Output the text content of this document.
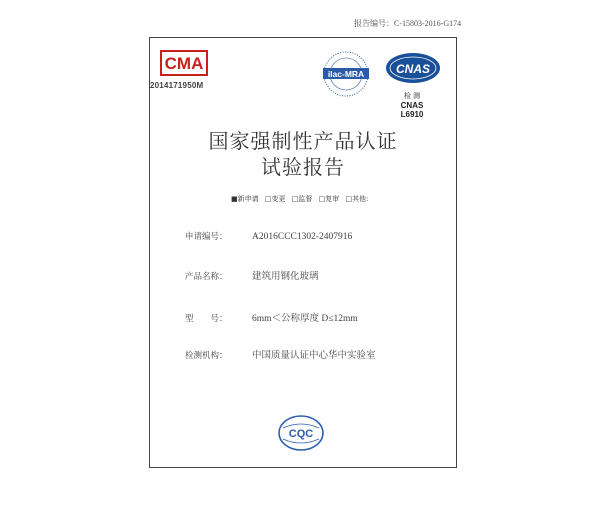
报告编号：C-15803-2016-G174
CMA
2014171950M
ilac-MRA	CNAS
检 测
CNAS L6910
国家强制性产品认证
试验报告
■新申请 □变更 □监督 □复审 □其他:
申请编号：	A2016CCC1302-2407916
产品名称：	建筑用钢化玻璃
型　　号：	6mm＜公称厚度 D≤12mm
检测机构：	中国质量认证中心华中实验室
CQC
